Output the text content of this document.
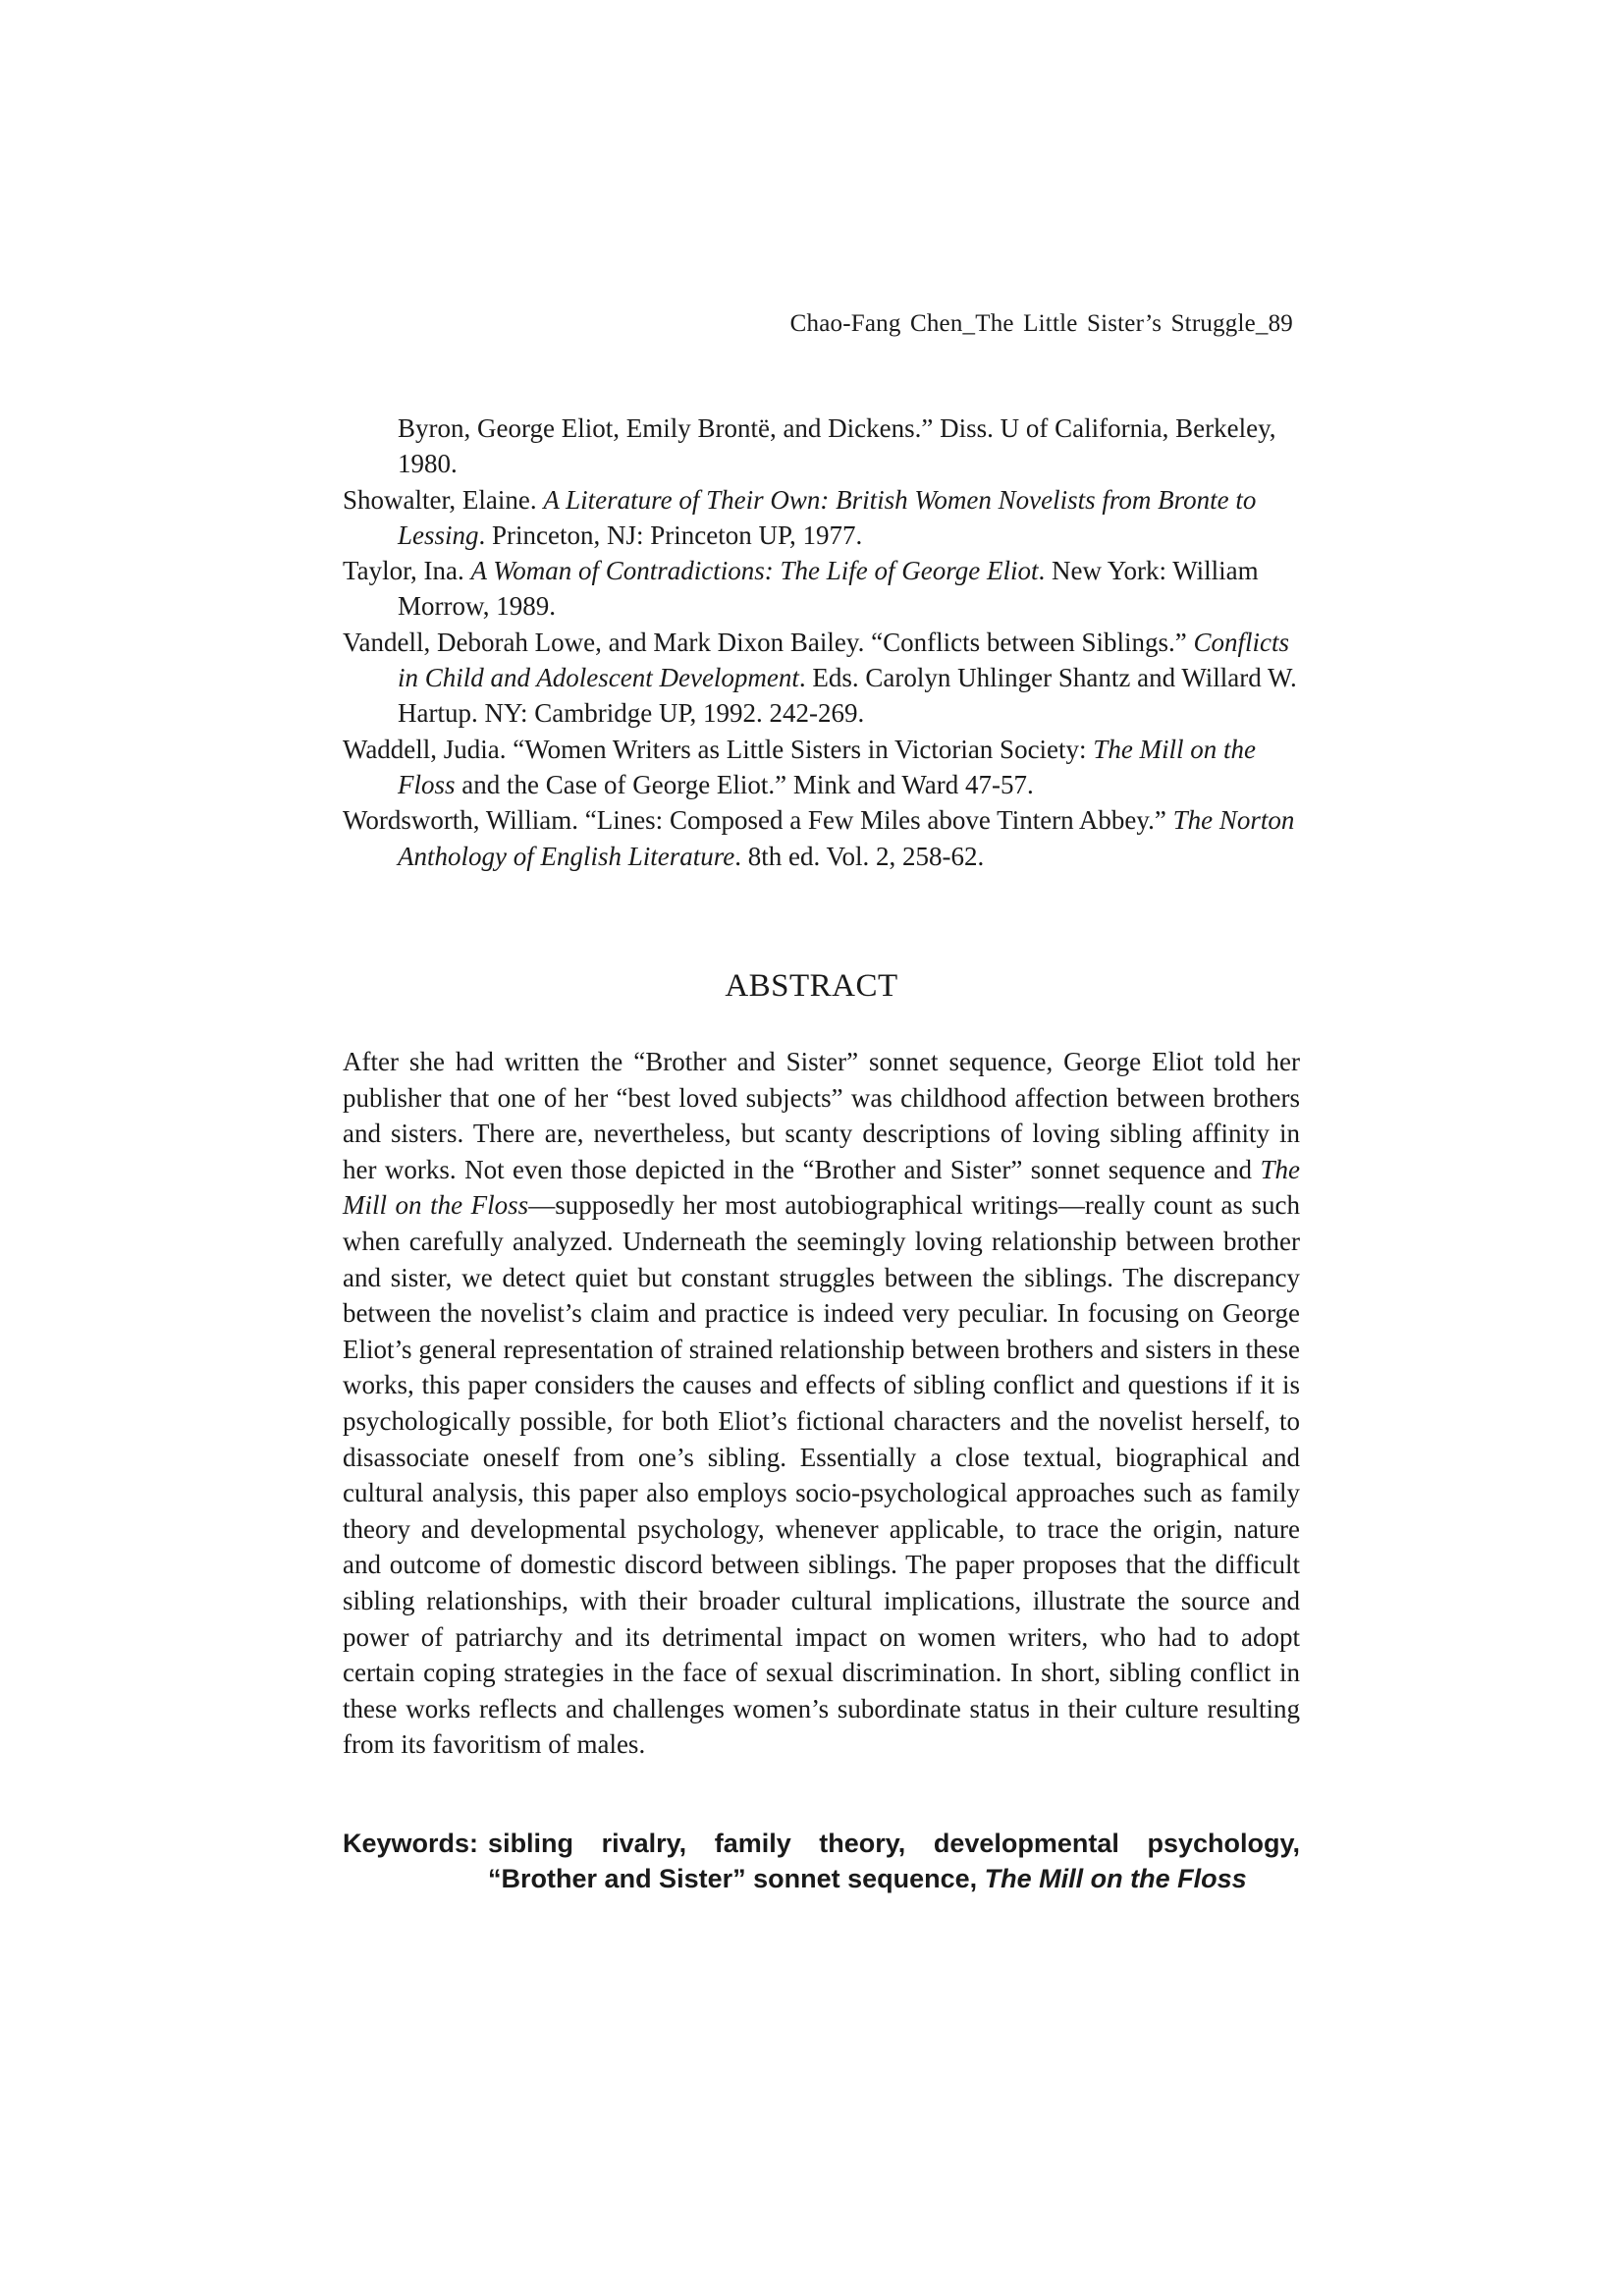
Chao-Fang Chen_The Little Sister’s Struggle_89

Byron, George Eliot, Emily Brontë, and Dickens.” Diss. U of California, Berkeley, 1980.

Showalter, Elaine. A Literature of Their Own: British Women Novelists from Bronte to Lessing. Princeton, NJ: Princeton UP, 1977.

Taylor, Ina. A Woman of Contradictions: The Life of George Eliot. New York: William Morrow, 1989.

Vandell, Deborah Lowe, and Mark Dixon Bailey. “Conflicts between Siblings.” Conflicts in Child and Adolescent Development. Eds. Carolyn Uhlinger Shantz and Willard W. Hartup. NY: Cambridge UP, 1992. 242-269.

Waddell, Judia. “Women Writers as Little Sisters in Victorian Society: The Mill on the Floss and the Case of George Eliot.” Mink and Ward 47-57.

Wordsworth, William. “Lines: Composed a Few Miles above Tintern Abbey.” The Norton Anthology of English Literature. 8th ed. Vol. 2, 258-62.

ABSTRACT

After she had written the “Brother and Sister” sonnet sequence, George Eliot told her publisher that one of her “best loved subjects” was childhood affection between brothers and sisters. There are, nevertheless, but scanty descriptions of loving sibling affinity in her works. Not even those depicted in the “Brother and Sister” sonnet sequence and The Mill on the Floss—supposedly her most autobiographical writings—really count as such when carefully analyzed. Underneath the seemingly loving relationship between brother and sister, we detect quiet but constant struggles between the siblings. The discrepancy between the novelist’s claim and practice is indeed very peculiar. In focusing on George Eliot’s general representation of strained relationship between brothers and sisters in these works, this paper considers the causes and effects of sibling conflict and questions if it is psychologically possible, for both Eliot’s fictional characters and the novelist herself, to disassociate oneself from one’s sibling. Essentially a close textual, biographical and cultural analysis, this paper also employs socio-psychological approaches such as family theory and developmental psychology, whenever applicable, to trace the origin, nature and outcome of domestic discord between siblings. The paper proposes that the difficult sibling relationships, with their broader cultural implications, illustrate the source and power of patriarchy and its detrimental impact on women writers, who had to adopt certain coping strategies in the face of sexual discrimination. In short, sibling conflict in these works reflects and challenges women’s subordinate status in their culture resulting from its favoritism of males.

Keywords: sibling rivalry, family theory, developmental psychology,
“Brother and Sister” sonnet sequence, The Mill on the Floss
